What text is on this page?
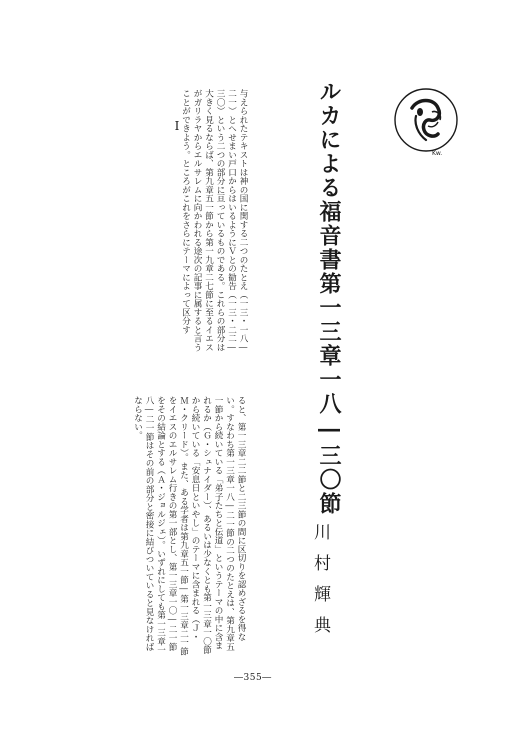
ルカによる福音書第一三章一八―三〇節
川村輝典
I	与えられたテキストは神の国に関する二つのたとえ（一三・一八―二一）とへせまい戸口からはいるようにＶとの勧告（一三・二二―三〇）という二つの部分に亘っているものである。これらの部分は大きく見るならば、第九章五一節から第一九章二七節に至るイエスがガリラヤからエルサレムに向かわれる途次の記事に属すると言うことができよう。ところがこれをさらにテーマによって区分す
ると、第一三章二二節と二三節の間に区切りを認めざるを得ない。すなわち第一三章一八―二一節の二つのたとえは、第九章五一節から続いている「弟子たちと伝道」というテーマの中に含まれるか（Ｇ・シュナイダー）、あるいは少なくとも第一三章一〇節から続いている「安息日といやし」のテーマに含まれる（Ｊ・Ｍ・クリード）。また、ある学者は第九章五一節―第一三章二一節をイエスのエルサレム行きの第一部とし、第一三章一〇―二一節をその結論とする（Ａ・ジョルジェ）。いずれにしても第一三章一八―二一節はその前の部分と密接に結びついていると見なければならない。
―355―
Kw.
